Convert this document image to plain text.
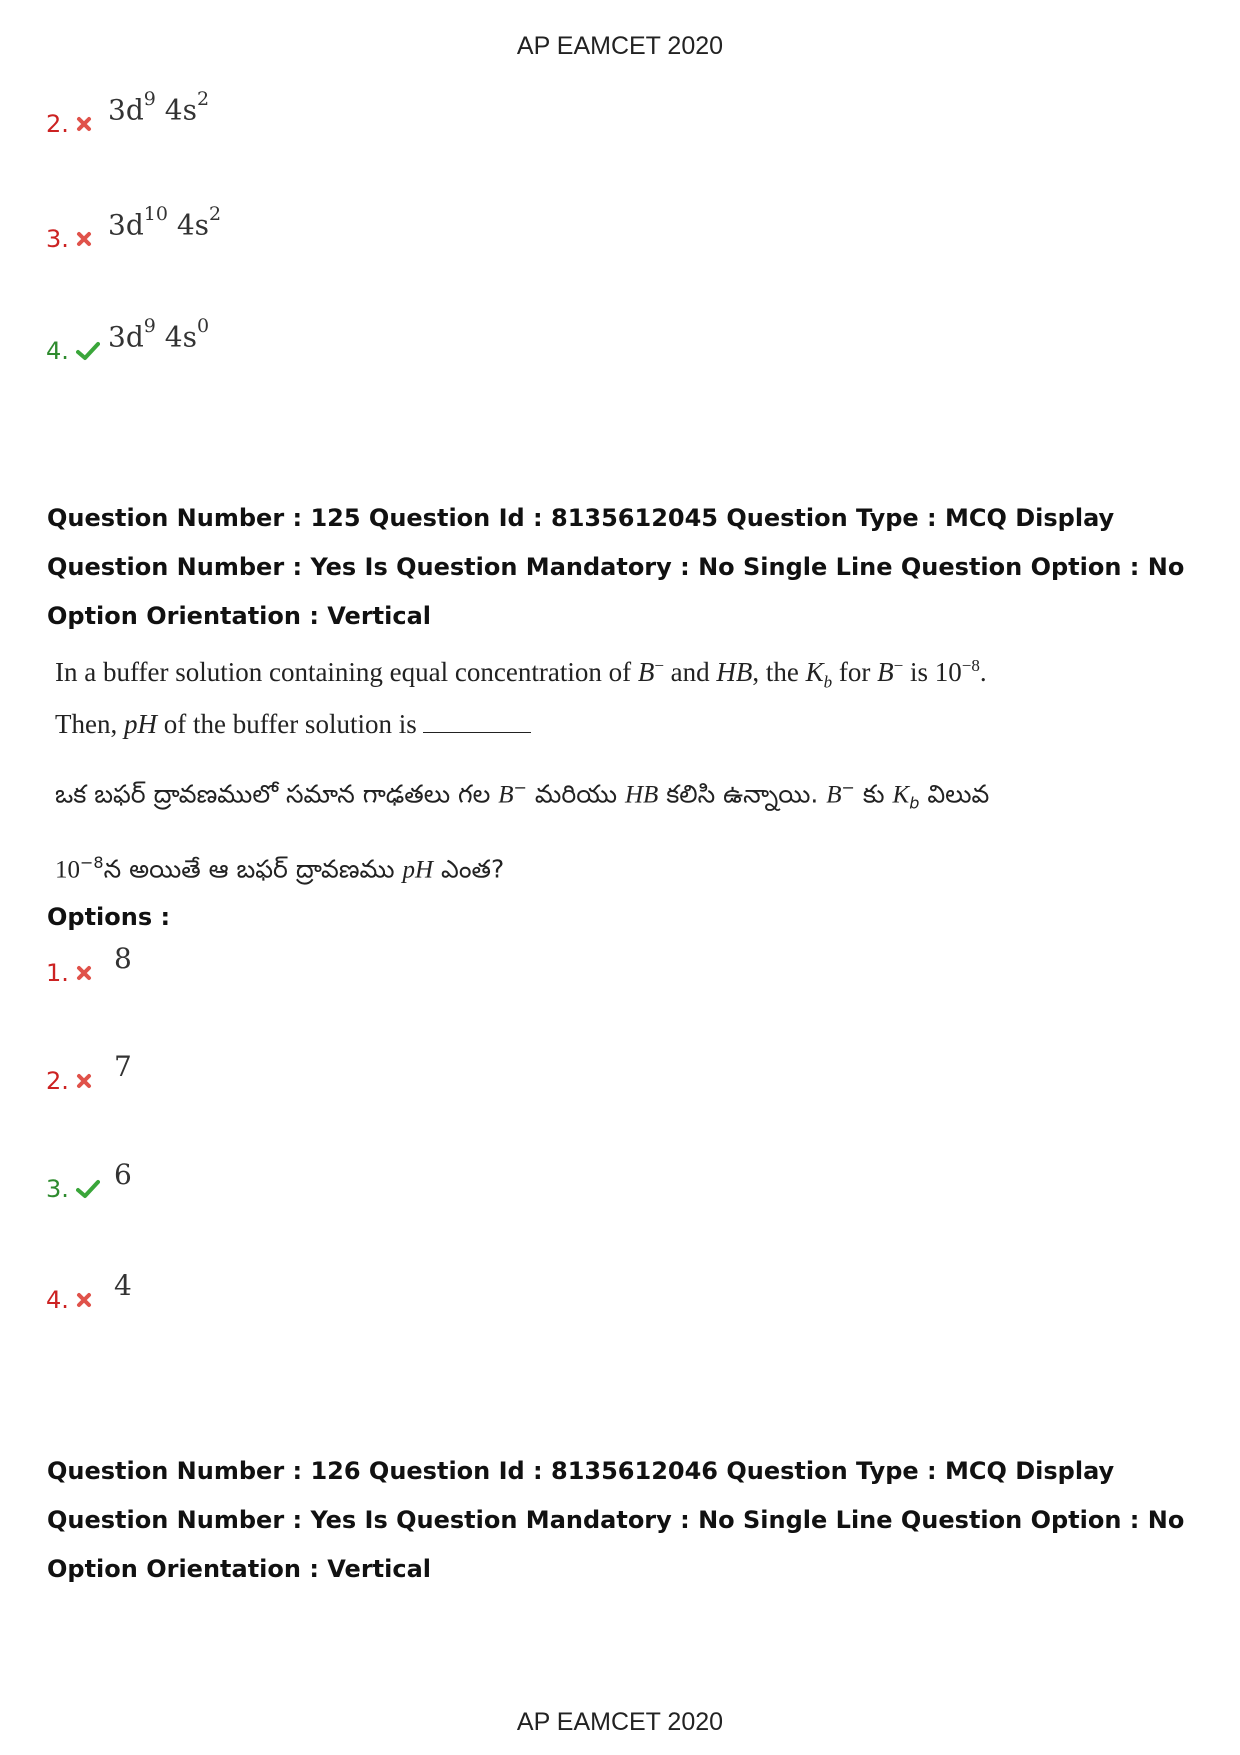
AP EAMCET 2020
2. $3d^9$ $4s^2$
3. $3d^{10}$ $4s^2$
4. $3d^9$ $4s^0$
Question Number : 125 Question Id : 8135612045 Question Type : MCQ Display Question Number : Yes Is Question Mandatory : No Single Line Question Option : No Option Orientation : Vertical
In a buffer solution containing equal concentration of B− and HB, the $K_b$ for B− is $10^{-8}$.
Then, pH of the buffer solution is
ఒక బఫర్ ద్రావణములో సమాన గాఢతలు గల B− మరియు HB కలిసి ఉన్నాయి. B− కు $K_b$ విలువ
$10^{-8}న$ అయితే ఆ బఫర్ ద్రావణము pH ఎంత?
Options :
1. 8
2. 7
3. 6
4. 4
Question Number : 126 Question Id : 8135612046 Question Type : MCQ Display Question Number : Yes Is Question Mandatory : No Single Line Question Option : No Option Orientation : Vertical
AP EAMCET 2020
